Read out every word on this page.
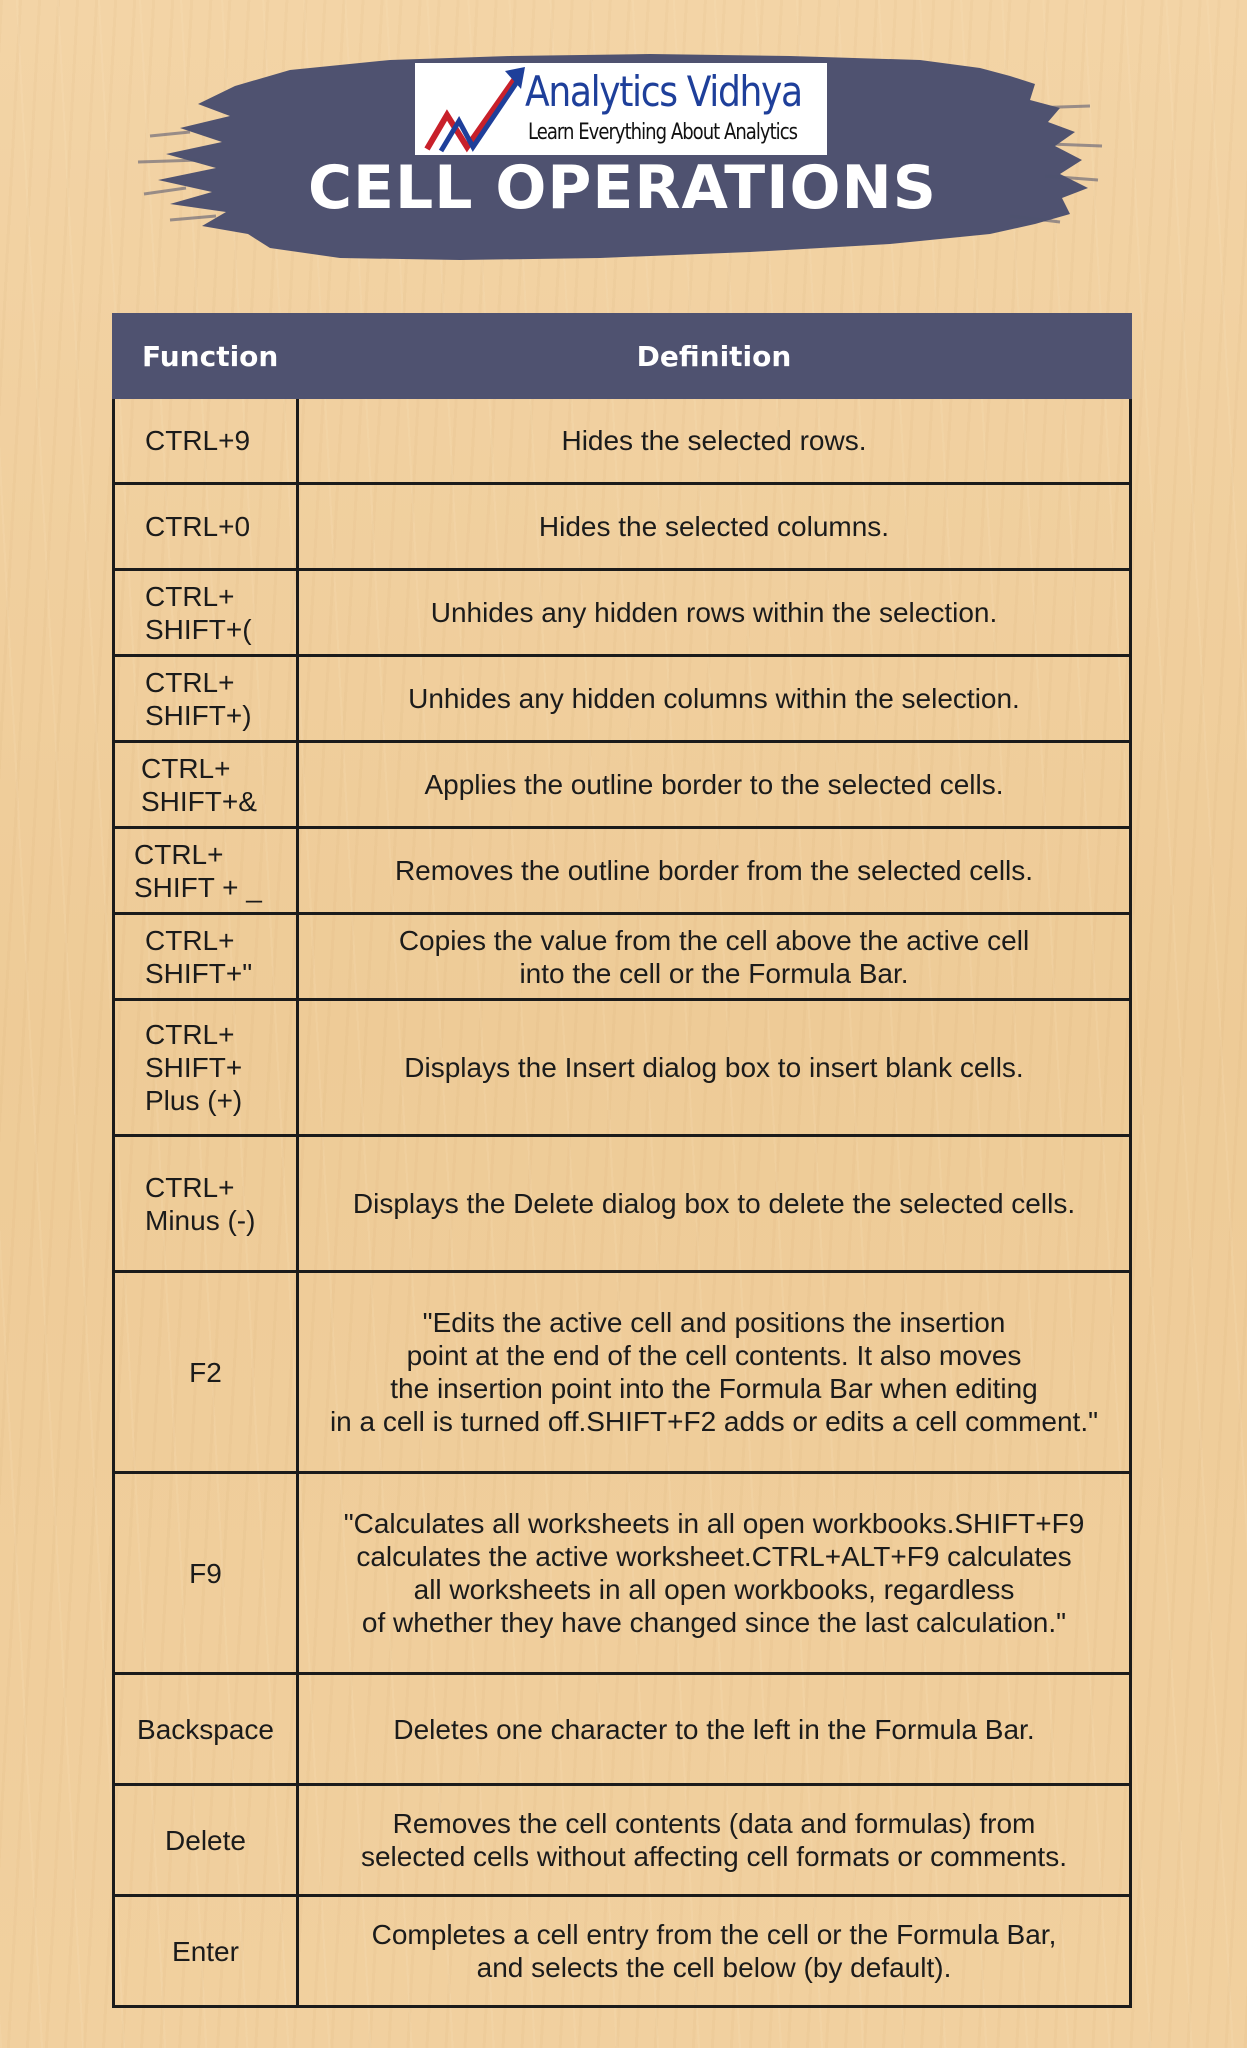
Analytics Vidhya
Learn Everything About Analytics
CELL OPERATIONS
Function	Definition
CTRL+9	Hides the selected rows.
CTRL+0	Hides the selected columns.
CTRL+
SHIFT+(	Unhides any hidden rows within the selection.
CTRL+
SHIFT+)	Unhides any hidden columns within the selection.
CTRL+
SHIFT+&	Applies the outline border to the selected cells.
CTRL+
SHIFT + _	Removes the outline border from the selected cells.
CTRL+
SHIFT+"	Copies the value from the cell above the active cell
into the cell or the Formula Bar.
CTRL+
SHIFT+
Plus (+)	Displays the Insert dialog box to insert blank cells.
CTRL+
Minus (-)	Displays the Delete dialog box to delete the selected cells.
F2	"Edits the active cell and positions the insertion
point at the end of the cell contents. It also moves
the insertion point into the Formula Bar when editing
in a cell is turned off.SHIFT+F2 adds or edits a cell comment."
F9	"Calculates all worksheets in all open workbooks.SHIFT+F9
calculates the active worksheet.CTRL+ALT+F9 calculates
all worksheets in all open workbooks, regardless
of whether they have changed since the last calculation."
Backspace	Deletes one character to the left in the Formula Bar.
Delete	Removes the cell contents (data and formulas) from
selected cells without affecting cell formats or comments.
Enter	Completes a cell entry from the cell or the Formula Bar,
and selects the cell below (by default).
